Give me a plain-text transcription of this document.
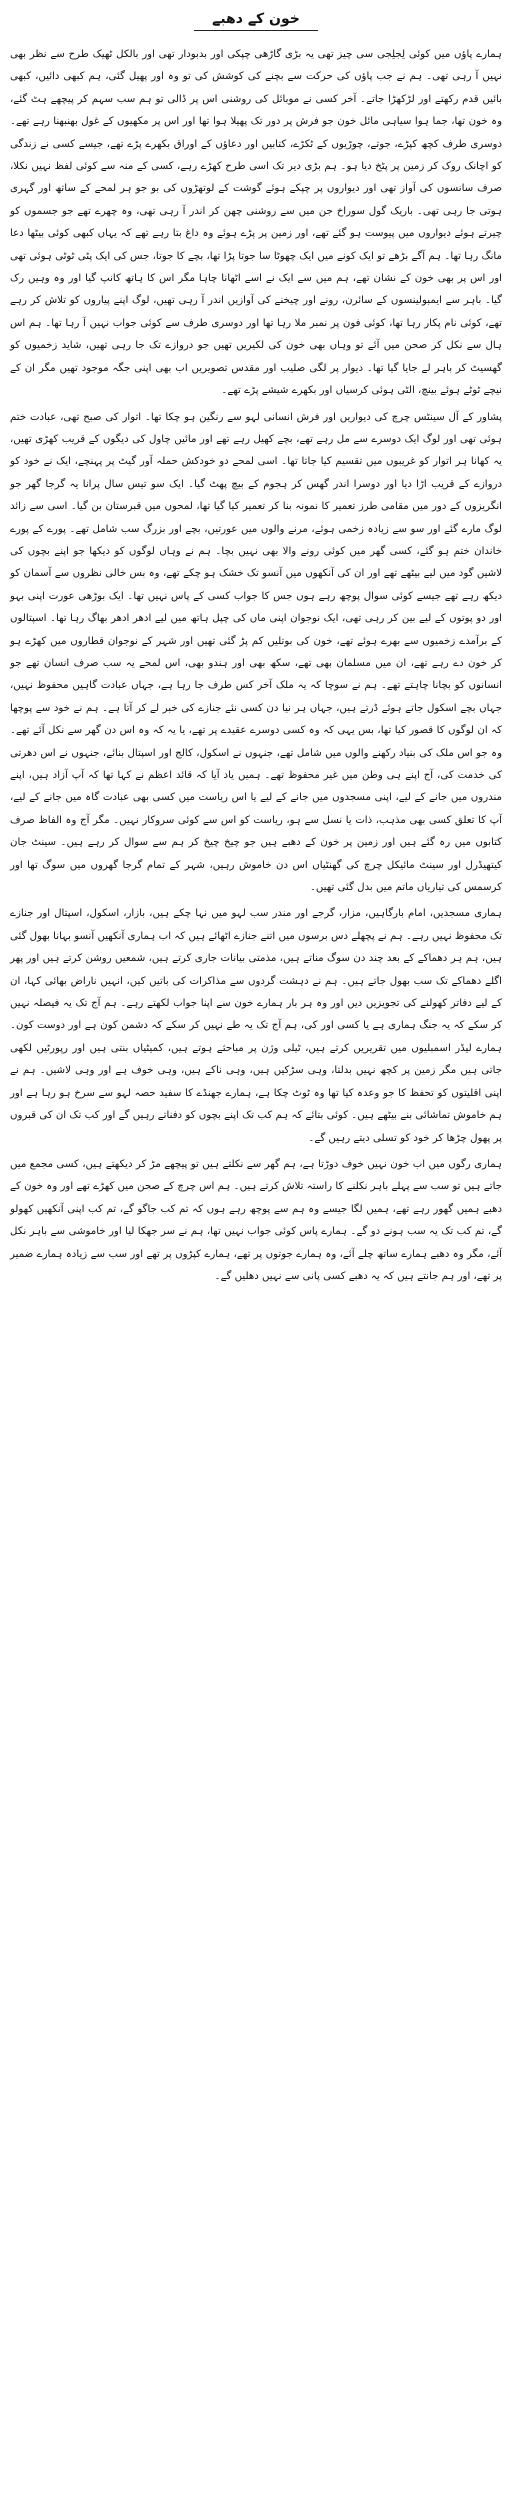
خون کے دھبے

ہمارے پاؤں میں کوئی لِجلِجی سی چیز تھی یہ بڑی گاڑھی چپکی اور بدبودار تھی اور بالکل ٹھیک طرح سے نظر بھی نہیں آ رہی تھی۔ ہم نے جب پاؤں کی حرکت سے بچنے کی کوشش کی تو وہ اور پھیل گئی، ہم کبھی دائیں، کبھی بائیں قدم رکھتے اور لڑکھڑا جاتے۔ آخر کسی نے موبائل کی روشنی اس پر ڈالی تو ہم سب سہم کر پیچھے ہٹ گئے، وہ خون تھا، جما ہوا سیاہی مائل خون جو فرش پر دور تک پھیلا ہوا تھا اور اس پر مکھیوں کے غول بھنبھنا رہے تھے۔ دوسری طرف کچھ کپڑے، جوتے، چوڑیوں کے ٹکڑے، کتابیں اور دعاؤں کے اوراق بکھرے پڑے تھے، جیسے کسی نے زندگی کو اچانک روک کر زمین پر پٹخ دیا ہو۔ ہم بڑی دیر تک اسی طرح کھڑے رہے، کسی کے منہ سے کوئی لفظ نہیں نکلا، صرف سانسوں کی آواز تھی اور دیواروں پر چپکے ہوئے گوشت کے لوتھڑوں کی بو جو ہر لمحے کے ساتھ اور گہری ہوتی جا رہی تھی۔ باریک گول سوراخ جن میں سے روشنی چھن کر اندر آ رہی تھی، وہ چھرے تھے جو جسموں کو چیرتے ہوئے دیواروں میں پیوست ہو گئے تھے، اور زمین پر پڑے ہوئے وہ داغ بتا رہے تھے کہ یہاں کبھی کوئی بیٹھا دعا مانگ رہا تھا۔ ہم آگے بڑھے تو ایک کونے میں ایک چھوٹا سا جوتا پڑا تھا، بچے کا جوتا، جس کی ایک پٹی ٹوٹی ہوئی تھی اور اس پر بھی خون کے نشان تھے، ہم میں سے ایک نے اسے اٹھانا چاہا مگر اس کا ہاتھ کانپ گیا اور وہ وہیں رک گیا۔ باہر سے ایمبولینسوں کے سائرن، رونے اور چیخنے کی آوازیں اندر آ رہی تھیں، لوگ اپنے پیاروں کو تلاش کر رہے تھے، کوئی نام پکار رہا تھا، کوئی فون پر نمبر ملا رہا تھا اور دوسری طرف سے کوئی جواب نہیں آ رہا تھا۔ ہم اس ہال سے نکل کر صحن میں آئے تو وہاں بھی خون کی لکیریں تھیں جو دروازے تک جا رہی تھیں، شاید زخمیوں کو گھسیٹ کر باہر لے جایا گیا تھا۔ دیوار پر لگی صلیب اور مقدس تصویریں اب بھی اپنی جگہ موجود تھیں مگر ان کے نیچے ٹوٹے ہوئے بینچ، الٹی ہوئی کرسیاں اور بکھرے شیشے پڑے تھے۔

پشاور کے آل سینٹس چرچ کی دیواریں اور فرش انسانی لہو سے رنگین ہو چکا تھا۔ اتوار کی صبح تھی، عبادت ختم ہوئی تھی اور لوگ ایک دوسرے سے مل رہے تھے، بچے کھیل رہے تھے اور مائیں چاول کی دیگوں کے قریب کھڑی تھیں، یہ کھانا ہر اتوار کو غریبوں میں تقسیم کیا جاتا تھا۔ اسی لمحے دو خودکش حملہ آور گیٹ پر پہنچے، ایک نے خود کو دروازے کے قریب اڑا دیا اور دوسرا اندر گھس کر ہجوم کے بیچ پھٹ گیا۔ ایک سو تیس سال پرانا یہ گرجا گھر جو انگریزوں کے دور میں مقامی طرز تعمیر کا نمونہ بنا کر تعمیر کیا گیا تھا، لمحوں میں قبرستان بن گیا۔ اسی سے زائد لوگ مارے گئے اور سو سے زیادہ زخمی ہوئے، مرنے والوں میں عورتیں، بچے اور بزرگ سب شامل تھے۔ پورے کے پورے خاندان ختم ہو گئے، کسی گھر میں کوئی رونے والا بھی نہیں بچا۔ ہم نے وہاں لوگوں کو دیکھا جو اپنے بچوں کی لاشیں گود میں لیے بیٹھے تھے اور ان کی آنکھوں میں آنسو تک خشک ہو چکے تھے، وہ بس خالی نظروں سے آسمان کو دیکھ رہے تھے جیسے کوئی سوال پوچھ رہے ہوں جس کا جواب کسی کے پاس نہیں تھا۔ ایک بوڑھی عورت اپنی بہو اور دو پوتوں کے لیے بین کر رہی تھی، ایک نوجوان اپنی ماں کی چپل ہاتھ میں لیے ادھر ادھر بھاگ رہا تھا۔ اسپتالوں کے برآمدے زخمیوں سے بھرے ہوئے تھے، خون کی بوتلیں کم پڑ گئی تھیں اور شہر کے نوجوان قطاروں میں کھڑے ہو کر خون دے رہے تھے، ان میں مسلمان بھی تھے، سکھ بھی اور ہندو بھی، اس لمحے یہ سب صرف انسان تھے جو انسانوں کو بچانا چاہتے تھے۔ ہم نے سوچا کہ یہ ملک آخر کس طرف جا رہا ہے، جہاں عبادت گاہیں محفوظ نہیں، جہاں بچے اسکول جاتے ہوئے ڈرتے ہیں، جہاں ہر نیا دن کسی نئے جنازے کی خبر لے کر آتا ہے۔ ہم نے خود سے پوچھا کہ ان لوگوں کا قصور کیا تھا، بس یہی کہ وہ کسی دوسرے عقیدے پر تھے، یا یہ کہ وہ اس دن گھر سے نکل آئے تھے۔ وہ جو اس ملک کی بنیاد رکھنے والوں میں شامل تھے، جنہوں نے اسکول، کالج اور اسپتال بنائے، جنہوں نے اس دھرتی کی خدمت کی، آج اپنے ہی وطن میں غیر محفوظ تھے۔ ہمیں یاد آیا کہ قائد اعظم نے کہا تھا کہ آپ آزاد ہیں، اپنے مندروں میں جانے کے لیے، اپنی مسجدوں میں جانے کے لیے یا اس ریاست میں کسی بھی عبادت گاہ میں جانے کے لیے، آپ کا تعلق کسی بھی مذہب، ذات یا نسل سے ہو، ریاست کو اس سے کوئی سروکار نہیں۔ مگر آج وہ الفاظ صرف کتابوں میں رہ گئے ہیں اور زمین پر خون کے دھبے ہیں جو چیخ چیخ کر ہم سے سوال کر رہے ہیں۔ سینٹ جان کیتھیڈرل اور سینٹ مائیکل چرچ کی گھنٹیاں اس دن خاموش رہیں، شہر کے تمام گرجا گھروں میں سوگ تھا اور کرسمس کی تیاریاں ماتم میں بدل گئی تھیں۔

ہماری مسجدیں، امام بارگاہیں، مزار، گرجے اور مندر سب لہو میں نہا چکے ہیں، بازار، اسکول، اسپتال اور جنازے تک محفوظ نہیں رہے۔ ہم نے پچھلے دس برسوں میں اتنے جنازے اٹھائے ہیں کہ اب ہماری آنکھیں آنسو بہانا بھول گئی ہیں، ہم ہر دھماکے کے بعد چند دن سوگ مناتے ہیں، مذمتی بیانات جاری کرتے ہیں، شمعیں روشن کرتے ہیں اور پھر اگلے دھماکے تک سب بھول جاتے ہیں۔ ہم نے دہشت گردوں سے مذاکرات کی باتیں کیں، انہیں ناراض بھائی کہا، ان کے لیے دفاتر کھولنے کی تجویزیں دیں اور وہ ہر بار ہمارے خون سے اپنا جواب لکھتے رہے۔ ہم آج تک یہ فیصلہ نہیں کر سکے کہ یہ جنگ ہماری ہے یا کسی اور کی، ہم آج تک یہ طے نہیں کر سکے کہ دشمن کون ہے اور دوست کون۔ ہمارے لیڈر اسمبلیوں میں تقریریں کرتے ہیں، ٹیلی وژن پر مباحثے ہوتے ہیں، کمیٹیاں بنتی ہیں اور رپورٹیں لکھی جاتی ہیں مگر زمین پر کچھ نہیں بدلتا، وہی سڑکیں ہیں، وہی ناکے ہیں، وہی خوف ہے اور وہی لاشیں۔ ہم نے اپنی اقلیتوں کو تحفظ کا جو وعدہ کیا تھا وہ ٹوٹ چکا ہے، ہمارے جھنڈے کا سفید حصہ لہو سے سرخ ہو رہا ہے اور ہم خاموش تماشائی بنے بیٹھے ہیں۔ کوئی بتائے کہ ہم کب تک اپنے بچوں کو دفناتے رہیں گے اور کب تک ان کی قبروں پر پھول چڑھا کر خود کو تسلی دیتے رہیں گے۔

ہماری رگوں میں اب خون نہیں خوف دوڑتا ہے، ہم گھر سے نکلتے ہیں تو پیچھے مڑ کر دیکھتے ہیں، کسی مجمع میں جاتے ہیں تو سب سے پہلے باہر نکلنے کا راستہ تلاش کرتے ہیں۔ ہم اس چرچ کے صحن میں کھڑے تھے اور وہ خون کے دھبے ہمیں گھور رہے تھے، ہمیں لگا جیسے وہ ہم سے پوچھ رہے ہوں کہ تم کب جاگو گے، تم کب اپنی آنکھیں کھولو گے، تم کب تک یہ سب ہونے دو گے۔ ہمارے پاس کوئی جواب نہیں تھا، ہم نے سر جھکا لیا اور خاموشی سے باہر نکل آئے، مگر وہ دھبے ہمارے ساتھ چلے آئے، وہ ہمارے جوتوں پر تھے، ہمارے کپڑوں پر تھے اور سب سے زیادہ ہمارے ضمیر پر تھے، اور ہم جانتے ہیں کہ یہ دھبے کسی پانی سے نہیں دھلیں گے۔
